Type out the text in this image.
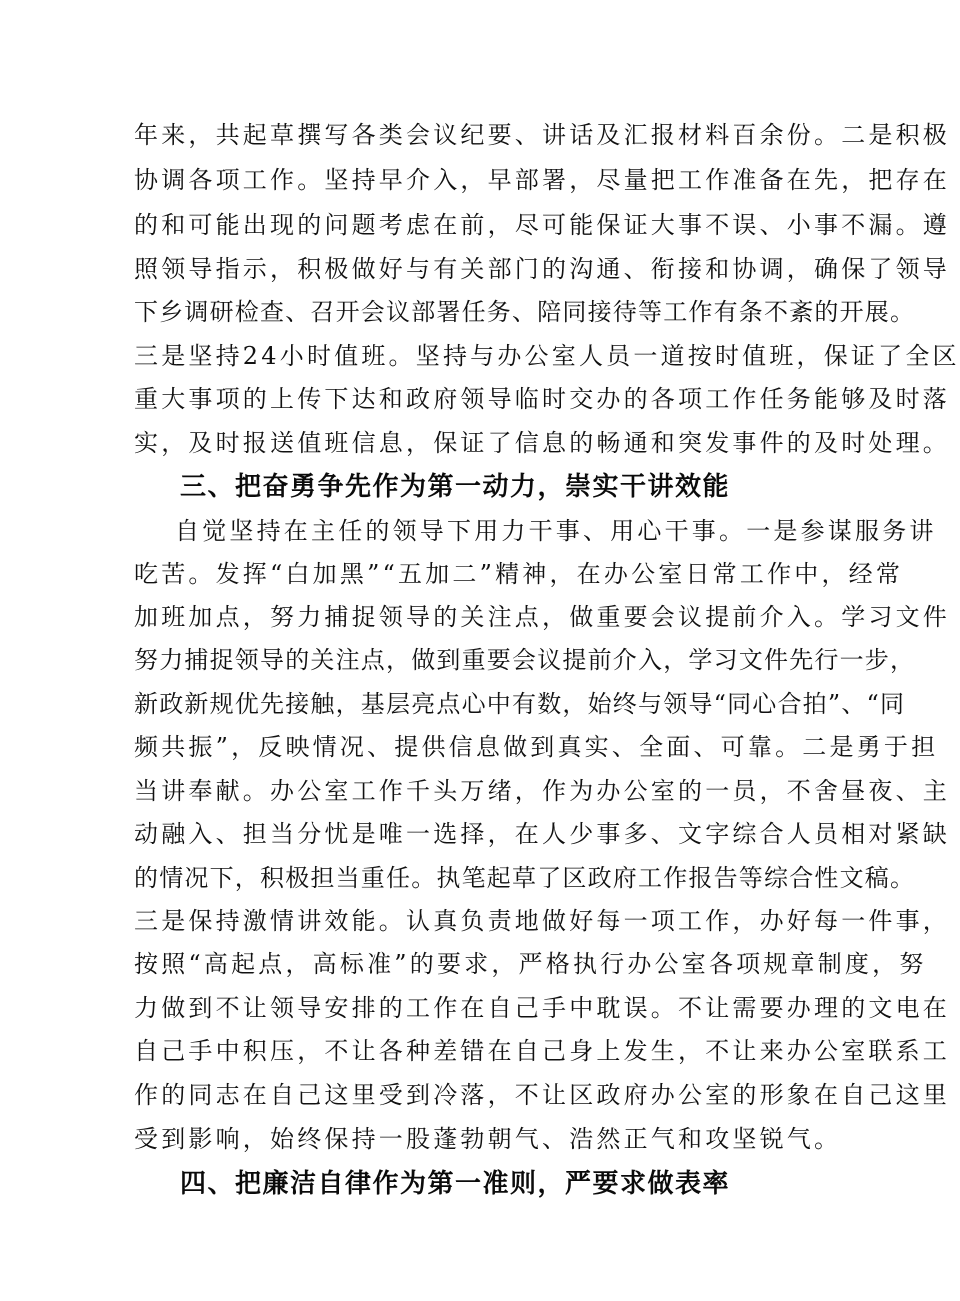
年来，共起草撰写各类会议纪要、讲话及汇报材料百余份。二是积极
协调各项工作。坚持早介入，早部署，尽量把工作准备在先，把存在
的和可能出现的问题考虑在前，尽可能保证大事不误、小事不漏。遵
照领导指示，积极做好与有关部门的沟通、衔接和协调，确保了领导
下乡调研检查、召开会议部署任务、陪同接待等工作有条不紊的开展。
三是坚持24小时值班。坚持与办公室人员一道按时值班，保证了全区
重大事项的上传下达和政府领导临时交办的各项工作任务能够及时落
实，及时报送值班信息，保证了信息的畅通和突发事件的及时处理。
三、把奋勇争先作为第一动力，崇实干讲效能
自觉坚持在主任的领导下用力干事、用心干事。一是参谋服务讲
吃苦。发挥“白加黑”“五加二”精神，在办公室日常工作中，经常
加班加点，努力捕捉领导的关注点，做重要会议提前介入。学习文件
努力捕捉领导的关注点，做到重要会议提前介入，学习文件先行一步，
新政新规优先接触，基层亮点心中有数，始终与领导“同心合拍”、“同
频共振”，反映情况、提供信息做到真实、全面、可靠。二是勇于担
当讲奉献。办公室工作千头万绪，作为办公室的一员，不舍昼夜、主
动融入、担当分忧是唯一选择，在人少事多、文字综合人员相对紧缺
的情况下，积极担当重任。执笔起草了区政府工作报告等综合性文稿。
三是保持激情讲效能。认真负责地做好每一项工作，办好每一件事，
按照“高起点，高标准”的要求，严格执行办公室各项规章制度，努
力做到不让领导安排的工作在自己手中耽误。不让需要办理的文电在
自己手中积压，不让各种差错在自己身上发生，不让来办公室联系工
作的同志在自己这里受到冷落，不让区政府办公室的形象在自己这里
受到影响，始终保持一股蓬勃朝气、浩然正气和攻坚锐气。
四、把廉洁自律作为第一准则，严要求做表率
